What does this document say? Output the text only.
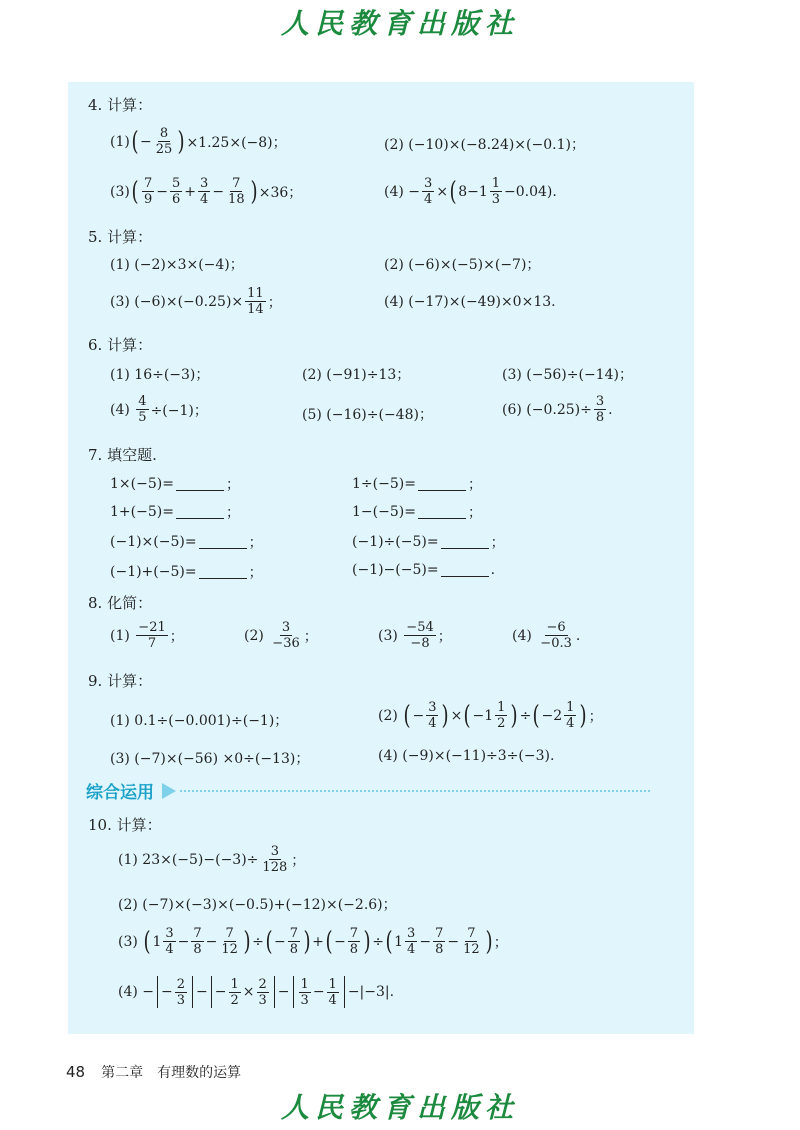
人民教育出版社
4. 计算：
(1) ( − $\frac{8}{25}$ ) ×1.25×(−8)；	(2) (−10)×(−8.24)×(−0.1)；
(3) ( $\frac{7}{9} - \frac{5}{6} + \frac{3}{4} - \frac{7}{18}$ ) ×36；	$(4) - \frac{3}{4}$ × ( $8-1 \frac{1}{3} -0.04$).
5. 计算：
(1) (−2)×3×(−4)；	(2) (−6)×(−5)×(−7)；
(3) $(-6)\times(-0.25)\times \frac{11}{14}$ ；	(4) (−17)×(−49)×0×13.
6. 计算：
(1) 16÷(−3)；	(2) (−91)÷13；	(3) (−56)÷(−14)；
(4)
$\frac{4}{5} \div(-1)$；	(5) (−16)÷(−48)；	(6) $(-0.25)\div \frac{3}{8}$ .
7. 填空题.
1×(−5)=	；	1÷(−5)=	；
1+(−5)=	；	1−(−5)=	；
(−1)×(−5)=	；	(−1)÷(−5)=	；
(−1)+(−5)=	；	(−1)−(−5)=	.
8. 化简：
(1)
$\frac{-21}{7}$ ；	(2)
$\frac{3}{-36}$ ；	(3)
$\frac{-54}{-8}$ ；	(4)
$\frac{-6}{-0.3}$ .
9. 计算：
(1) 0.1÷(−0.001)÷(−1)；	(2)
( − $\frac{3}{4}$ ) × ( − $1 \frac{1}{2}$ ) ÷ ( − $2 \frac{1}{4}$ ) ；
(3) (−7)×(−56) ×0÷(−13)；	(4) (−9)×(−11)÷3÷(−3).
综合运用
10. 计算：
(1) $23\times(-5)-(-3)\div \frac{3}{128}$ ；
(2) (−7)×(−3)×(−0.5)+(−12)×(−2.6)；
(3)
( $1 \frac{3}{4} - \frac{7}{8} - \frac{7}{12}$ ) ÷ ( − $\frac{7}{8}$ ) + ( − $\frac{7}{8}$ ) ÷ ( $1 \frac{3}{4} - \frac{7}{8} - \frac{7}{12}$ ) ；
(4) − − $\frac{2}{3}$ − − $\frac{1}{2} \times \frac{2}{3} - \frac{1}{3} - \frac{1}{4} -|-3|$.
48 第二章　有理数的运算
人民教育出版社
